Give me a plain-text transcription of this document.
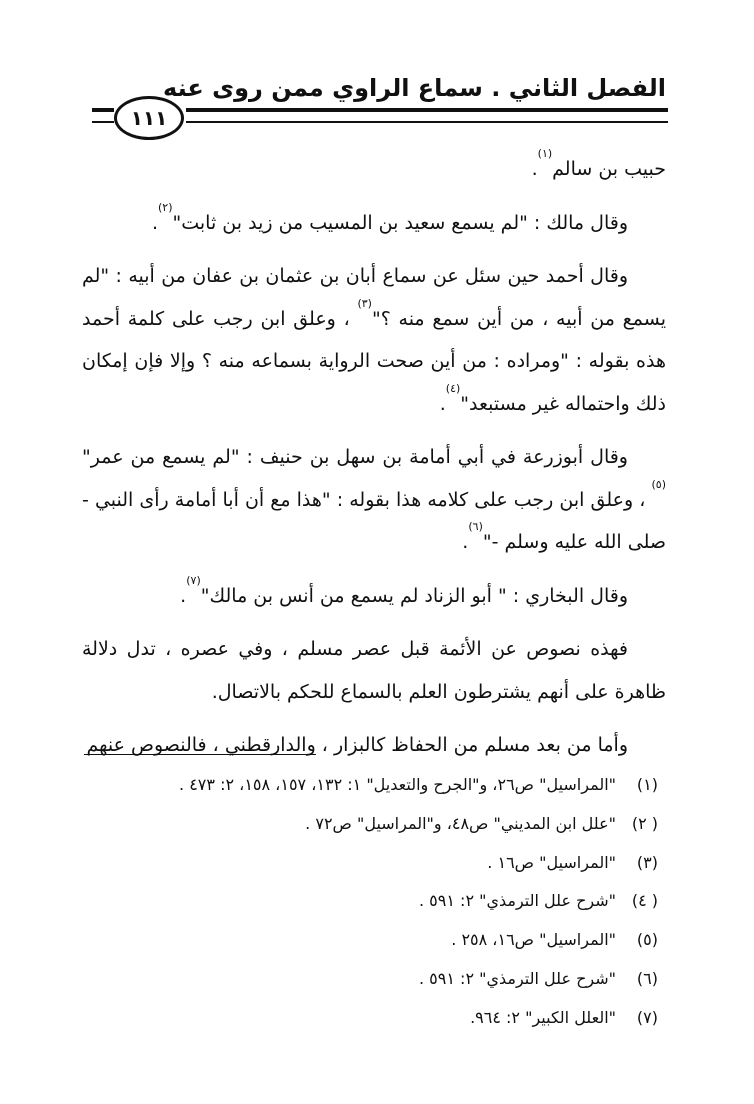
الفصل الثاني . سماع الراوي ممن روى عنه
١١١

حبيب بن سالم$^{(١)}$.

وقال مالك : "لم يسمع سعيد بن المسيب من زيد بن ثابت"$^{(٢)}$.

وقال أحمد حين سئل عن سماع أبان بن عثمان بن عفان من أبيه : "لم يسمع من أبيه ، من أين سمع منه ؟"$^{(٣)}$ ، وعلق ابن رجب على كلمة أحمد هذه بقوله : "ومراده : من أين صحت الرواية بسماعه منه ؟ وإلا فإن إمكان ذلك واحتماله غير مستبعد"$^{(٤)}$.

وقال أبوزرعة في أبي أمامة بن سهل بن حنيف : "لم يسمع من عمر"$^{(٥)}$ ، وعلق ابن رجب على كلامه هذا بقوله : "هذا مع أن أبا أمامة رأى النبي - صلى الله عليه وسلم -"$^{(٦)}$.

وقال البخاري : " أبو الزناد لم يسمع من أنس بن مالك"$^{(٧)}$.

فهذه نصوص عن الأئمة قبل عصر مسلم ، وفي عصره ، تدل دلالة ظاهرة على أنهم يشترطون العلم بالسماع للحكم بالاتصال.

وأما من بعد مسلم من الحفاظ كالبزار ، والدارقطني ، فالنصوص عنهم

(١)"المراسيل" ص٢٦، و"الجرح والتعديل" ١: ١٣٢، ١٥٧، ١٥٨، ٢: ٤٧٣ .
( ٢)"علل ابن المديني" ص٤٨، و"المراسيل" ص٧٢ .
(٣)"المراسيل" ص١٦ .
( ٤)"شرح علل الترمذي" ٢: ٥٩١ .
(٥)"المراسيل" ص١٦، ٢٥٨ .
(٦)"شرح علل الترمذي" ٢: ٥٩١ .
(٧)"العلل الكبير" ٢: ٩٦٤.
